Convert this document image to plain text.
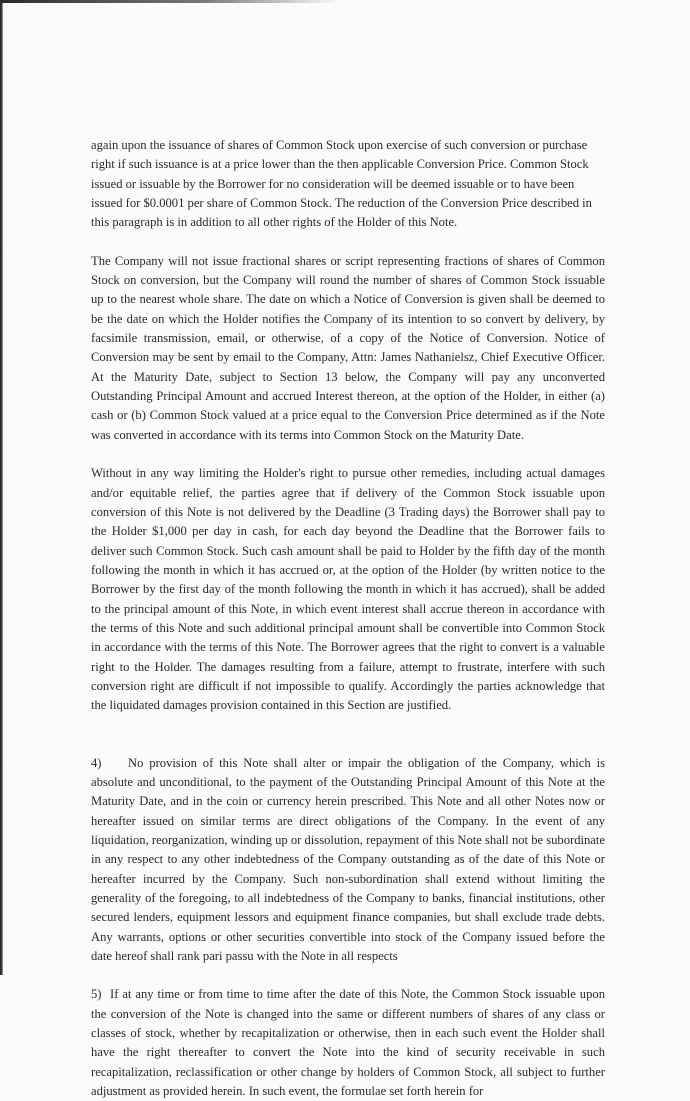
again upon the issuance of shares of Common Stock upon exercise of such conversion or purchase right if such issuance is at a price lower than the then applicable Conversion Price. Common Stock issued or issuable by the Borrower for no consideration will be deemed issuable or to have been issued for $0.0001 per share of Common Stock. The reduction of the Conversion Price described in this paragraph is in addition to all other rights of the Holder of this Note.

The Company will not issue fractional shares or script representing fractions of shares of Common Stock on conversion, but the Company will round the number of shares of Common Stock issuable up to the nearest whole share. The date on which a Notice of Conversion is given shall be deemed to be the date on which the Holder notifies the Company of its intention to so convert by delivery, by facsimile transmission, email, or otherwise, of a copy of the Notice of Conversion. Notice of Conversion may be sent by email to the Company, Attn: James Nathanielsz, Chief Executive Officer. At the Maturity Date, subject to Section 13 below, the Company will pay any unconverted Outstanding Principal Amount and accrued Interest thereon, at the option of the Holder, in either (a) cash or (b) Common Stock valued at a price equal to the Conversion Price determined as if the Note was converted in accordance with its terms into Common Stock on the Maturity Date.

Without in any way limiting the Holder's right to pursue other remedies, including actual damages and/or equitable relief, the parties agree that if delivery of the Common Stock issuable upon conversion of this Note is not delivered by the Deadline (3 Trading days) the Borrower shall pay to the Holder $1,000 per day in cash, for each day beyond the Deadline that the Borrower fails to deliver such Common Stock. Such cash amount shall be paid to Holder by the fifth day of the month following the month in which it has accrued or, at the option of the Holder (by written notice to the Borrower by the first day of the month following the month in which it has accrued), shall be added to the principal amount of this Note, in which event interest shall accrue thereon in accordance with the terms of this Note and such additional principal amount shall be convertible into Common Stock in accordance with the terms of this Note. The Borrower agrees that the right to convert is a valuable right to the Holder. The damages resulting from a failure, attempt to frustrate, interfere with such conversion right are difficult if not impossible to qualify. Accordingly the parties acknowledge that the liquidated damages provision contained in this Section are justified.

4) No provision of this Note shall alter or impair the obligation of the Company, which is absolute and unconditional, to the payment of the Outstanding Principal Amount of this Note at the Maturity Date, and in the coin or currency herein prescribed. This Note and all other Notes now or hereafter issued on similar terms are direct obligations of the Company. In the event of any liquidation, reorganization, winding up or dissolution, repayment of this Note shall not be subordinate in any respect to any other indebtedness of the Company outstanding as of the date of this Note or hereafter incurred by the Company. Such non-subordination shall extend without limiting the generality of the foregoing, to all indebtedness of the Company to banks, financial institutions, other secured lenders, equipment lessors and equipment finance companies, but shall exclude trade debts. Any warrants, options or other securities convertible into stock of the Company issued before the date hereof shall rank pari passu with the Note in all respects

5) If at any time or from time to time after the date of this Note, the Common Stock issuable upon the conversion of the Note is changed into the same or different numbers of shares of any class or classes of stock, whether by recapitalization or otherwise, then in each such event the Holder shall have the right thereafter to convert the Note into the kind of security receivable in such recapitalization, reclassification or other change by holders of Common Stock, all subject to further adjustment as provided herein. In such event, the formulae set forth herein for
